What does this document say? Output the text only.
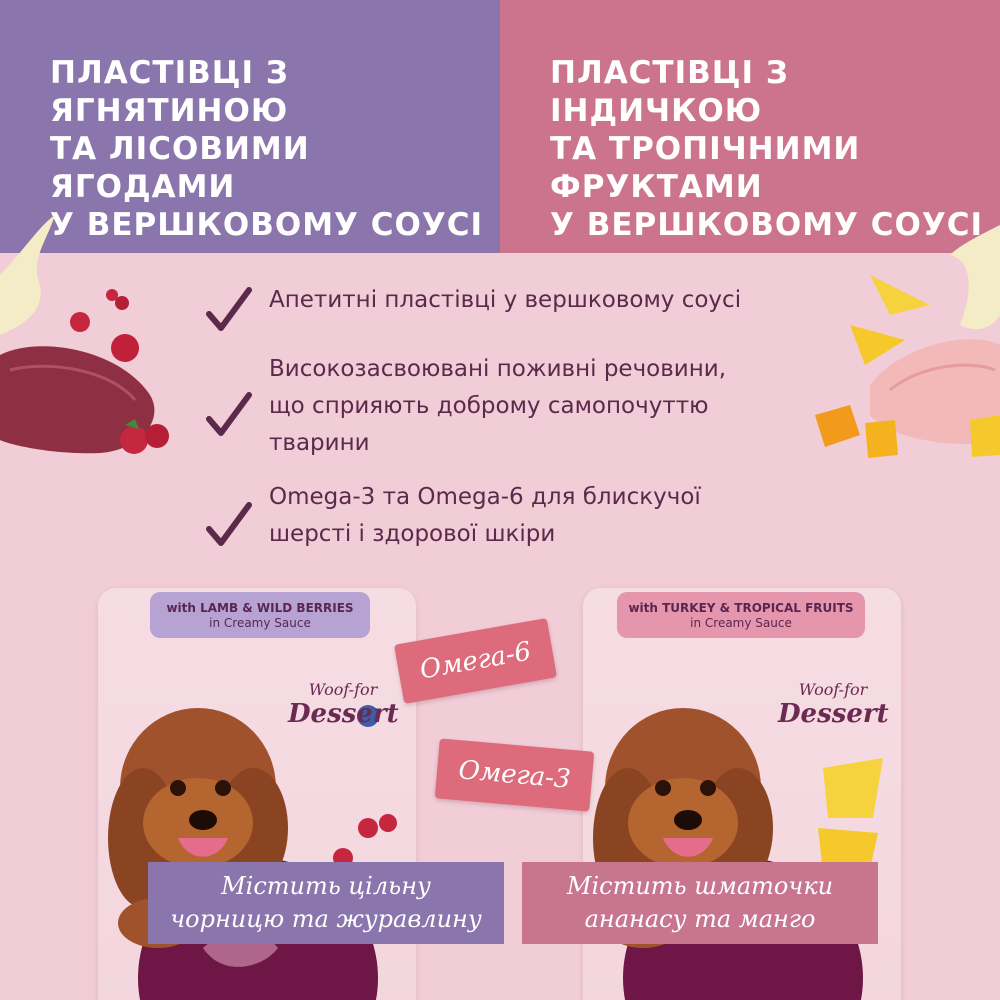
ПЛАСТІВЦІ З ЯГНЯТИНОЮ
ТА ЛІСОВИМИ ЯГОДАМИ
У ВЕРШКОВОМУ СОУСІ
ПЛАСТІВЦІ З ІНДИЧКОЮ
ТА ТРОПІЧНИМИ
ФРУКТАМИ
У ВЕРШКОВОМУ СОУСІ
Апетитні пластівці у вершковому соусі
Високозасвоювані поживні речовини,
що сприяють доброму самопочуттю
тварини
Omega-3 та Omega-6 для блискучої
шерсті і здорової шкіри
with LAMB & WILD BERRIES
in Creamy Sauce
Woof-for
Dessert
with TURKEY & TROPICAL FRUITS
in Creamy Sauce
Woof-for
Dessert
Омега-6
Омега-3
Містить цільну
чорницю та журавлину
Містить шматочки
ананасу та манго
